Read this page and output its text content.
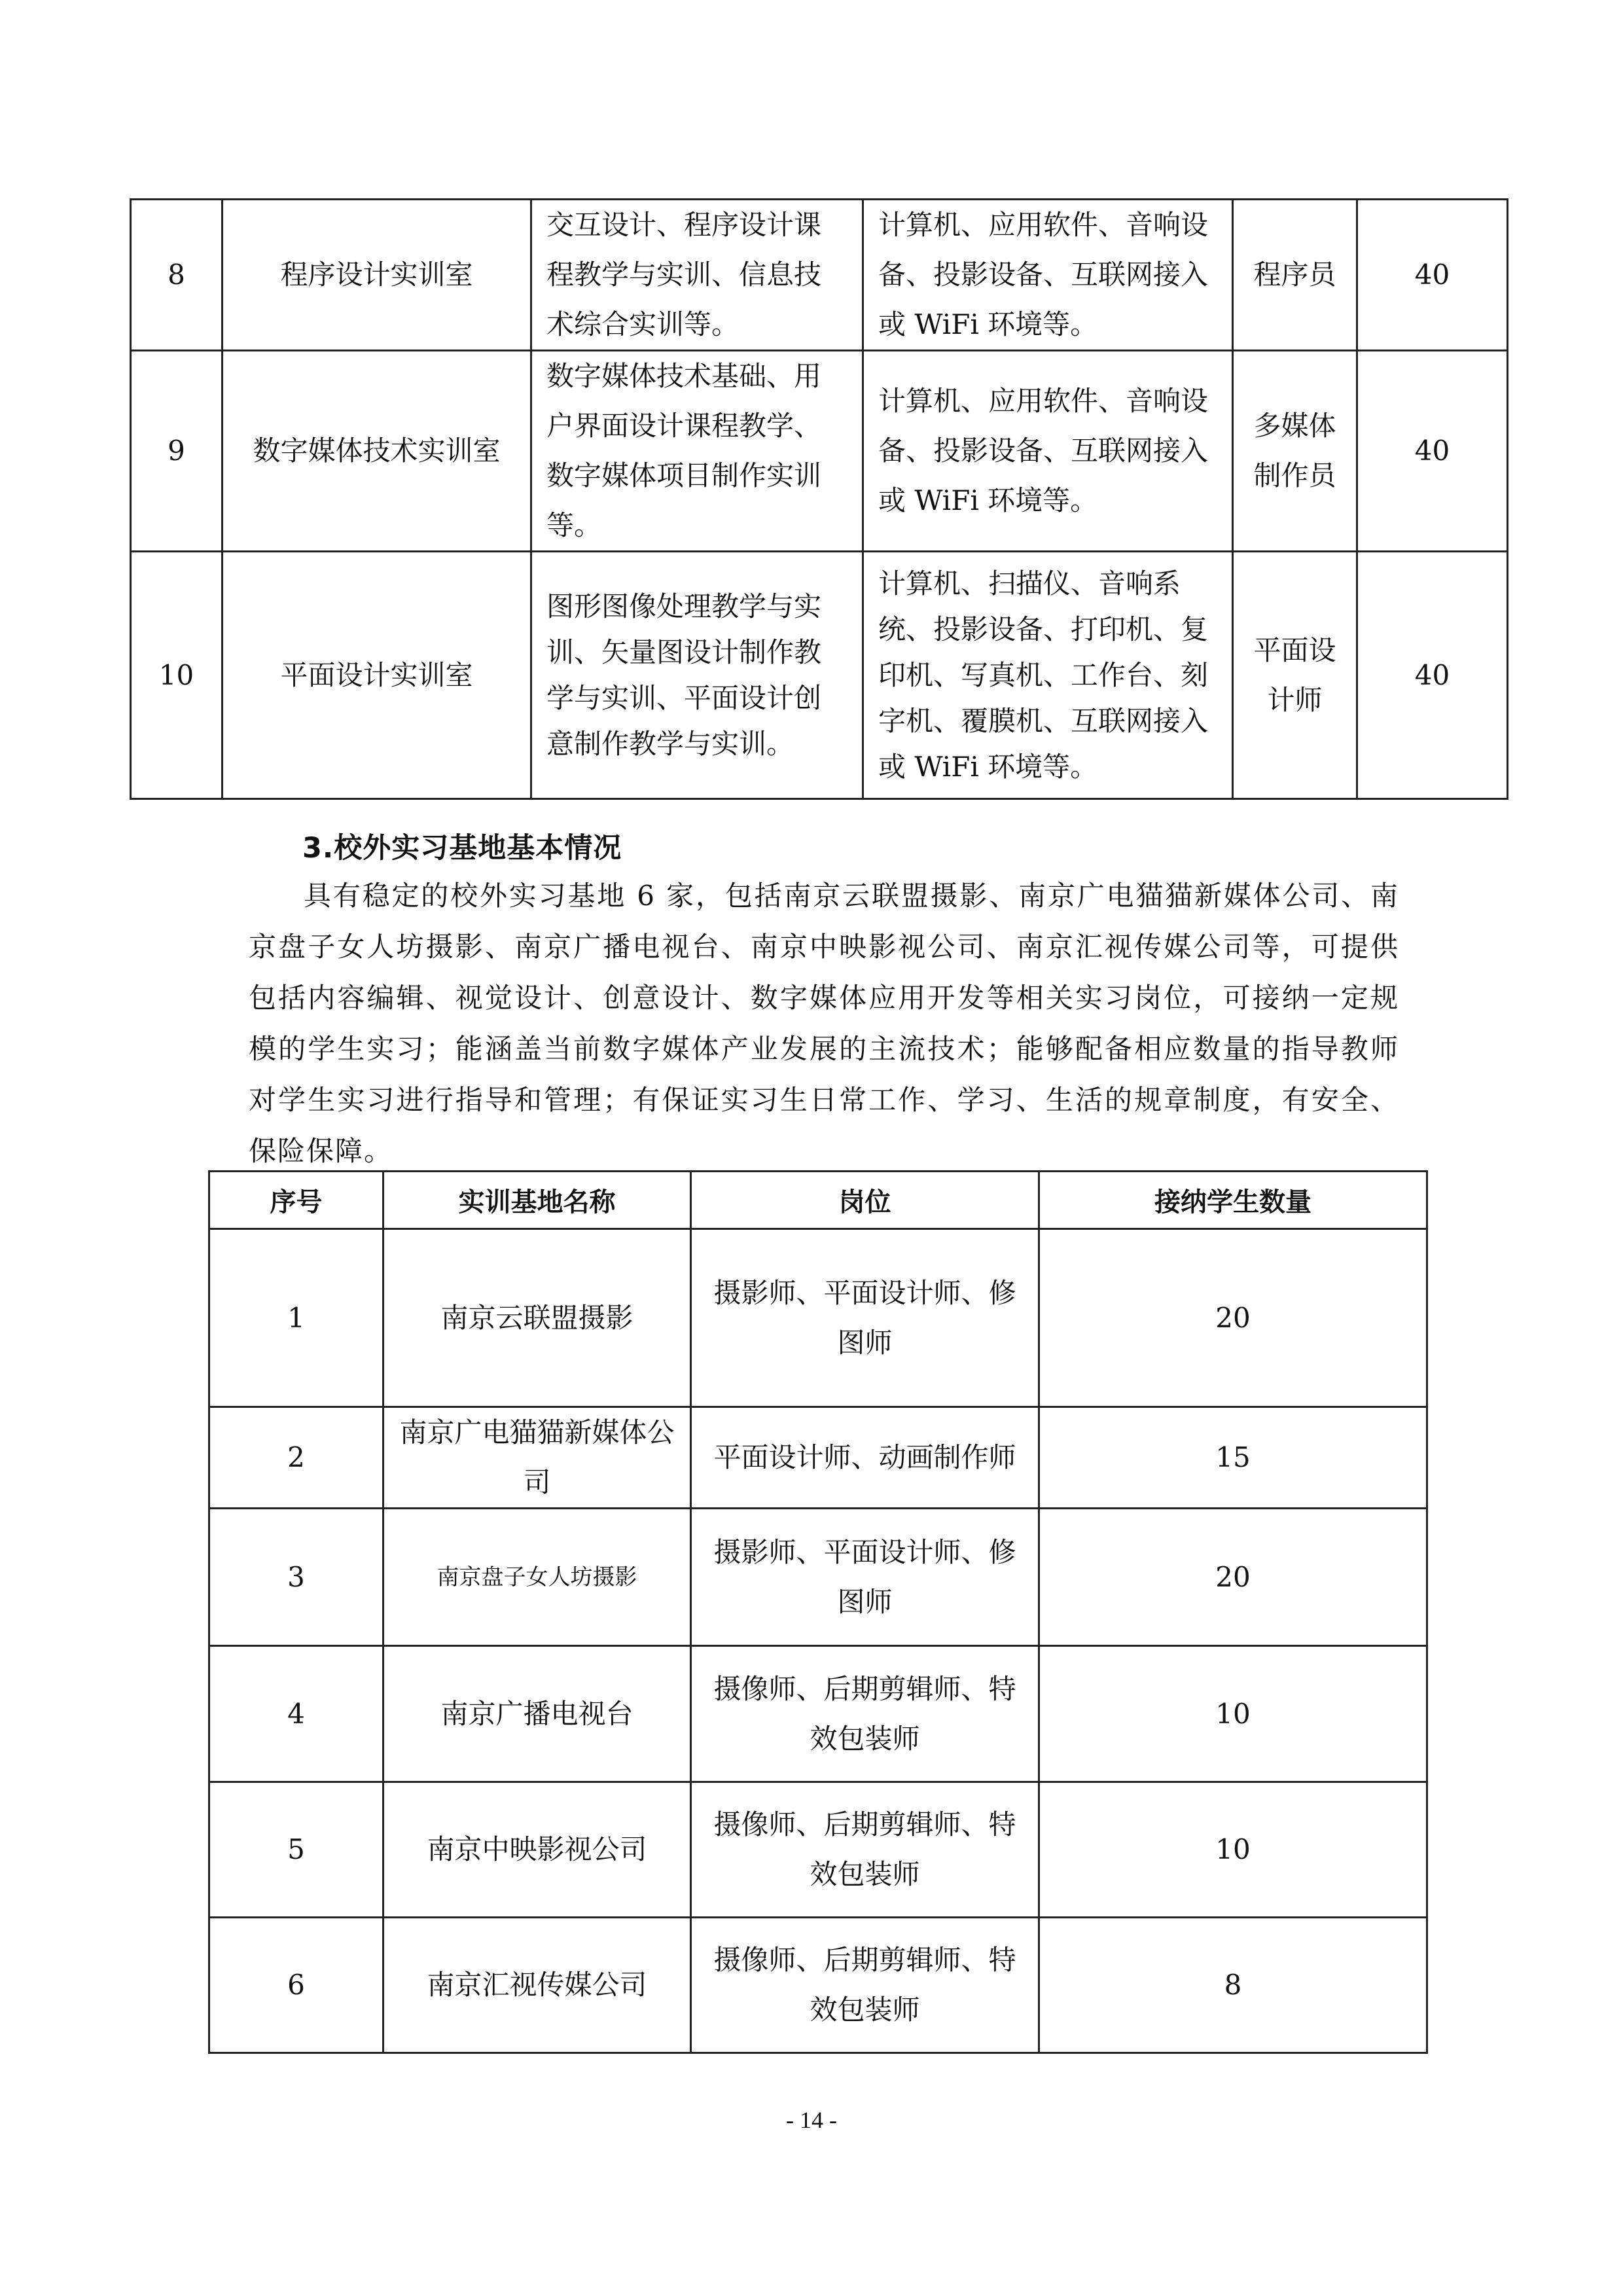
8	程序设计实训室	交互设计、程序设计课程教学与实训、信息技术综合实训等。	计算机、应用软件、音响设备、投影设备、互联网接入或 WiFi 环境等。	程序员	40
9	数字媒体技术实训室	数字媒体技术基础、用户界面设计课程教学、数字媒体项目制作实训等。	计算机、应用软件、音响设备、投影设备、互联网接入或 WiFi 环境等。	多媒体制作员	40
10	平面设计实训室	图形图像处理教学与实训、矢量图设计制作教学与实训、平面设计创意制作教学与实训。	计算机、扫描仪、音响系统、投影设备、打印机、复印机、写真机、工作台、刻字机、覆膜机、互联网接入或 WiFi 环境等。	平面设计师	40
3.校外实习基地基本情况
具有稳定的校外实习基地 6 家，包括南京云联盟摄影、南京广电猫猫新媒体公司、南京盘子女人坊摄影、南京广播电视台、南京中映影视公司、南京汇视传媒公司等，可提供包括内容编辑、视觉设计、创意设计、数字媒体应用开发等相关实习岗位，可接纳一定规模的学生实习；能涵盖当前数字媒体产业发展的主流技术；能够配备相应数量的指导教师对学生实习进行指导和管理；有保证实习生日常工作、学习、生活的规章制度，有安全、保险保障。
序号	实训基地名称	岗位	接纳学生数量
1	南京云联盟摄影	摄影师、平面设计师、修图师	20
2	南京广电猫猫新媒体公司	平面设计师、动画制作师	15
3	南京盘子女人坊摄影	摄影师、平面设计师、修图师	20
4	南京广播电视台	摄像师、后期剪辑师、特效包装师	10
5	南京中映影视公司	摄像师、后期剪辑师、特效包装师	10
6	南京汇视传媒公司	摄像师、后期剪辑师、特效包装师	8
- 14 -
